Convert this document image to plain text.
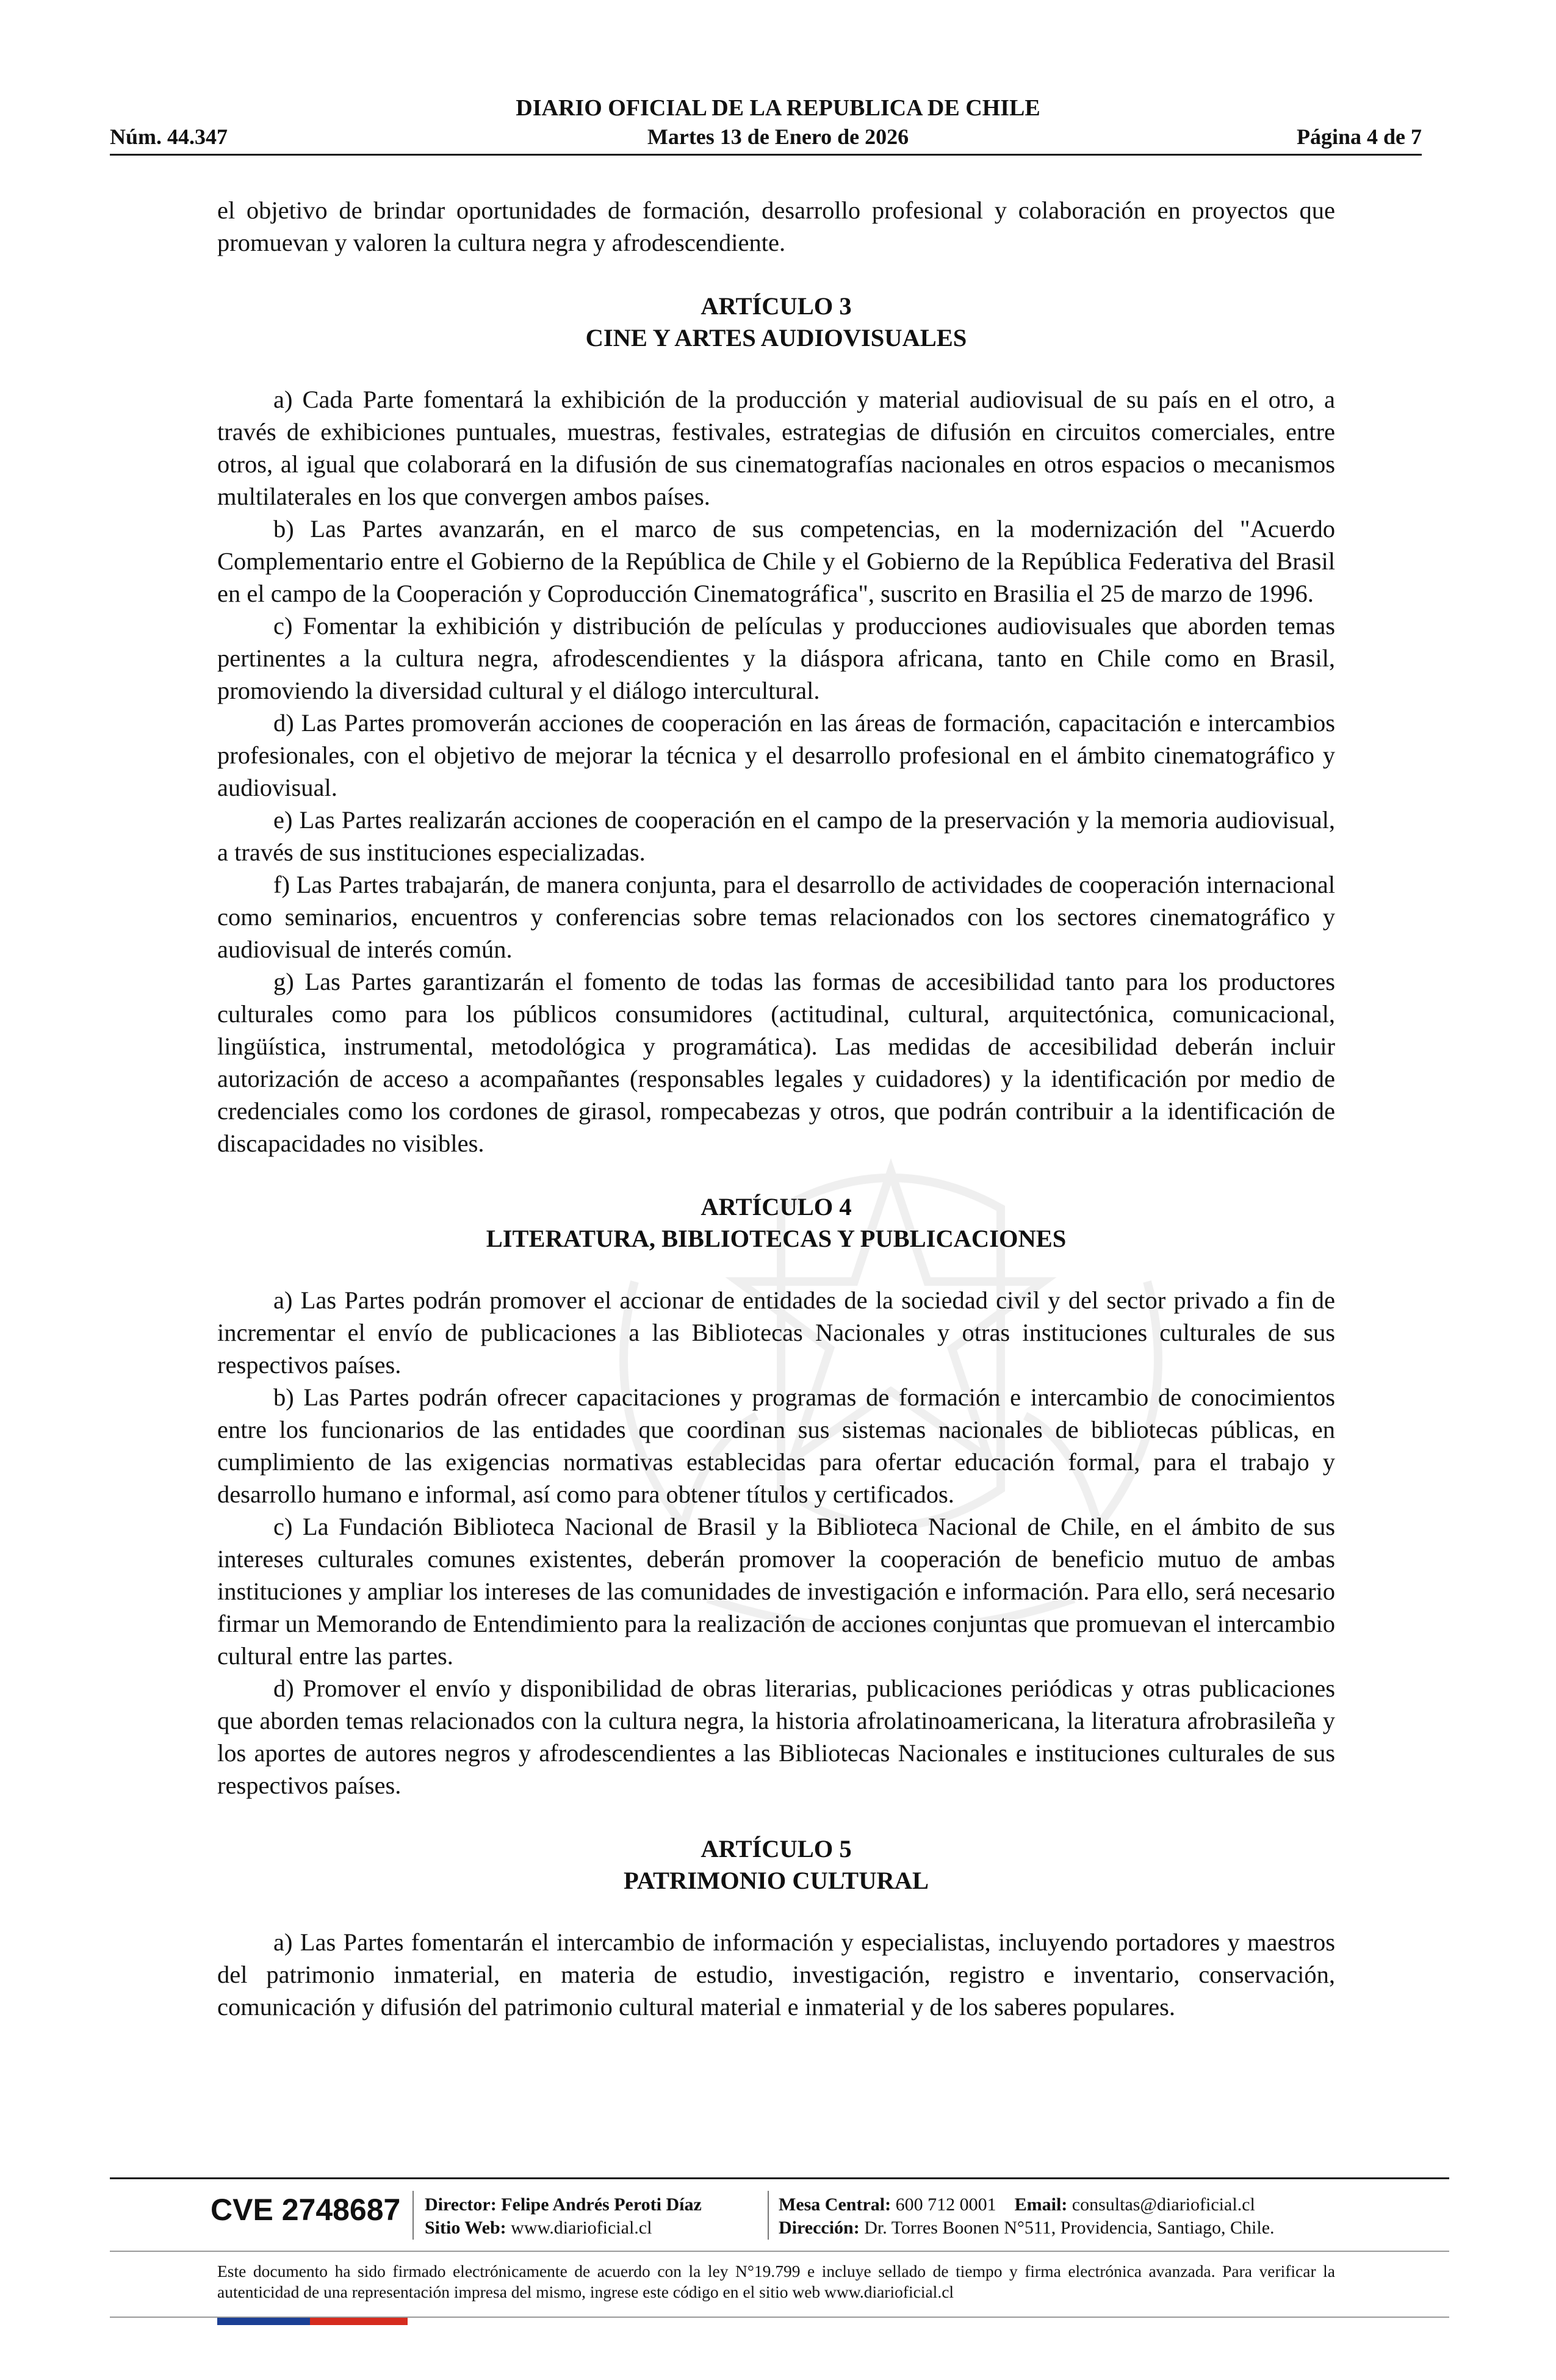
DIARIO OFICIAL DE LA REPUBLICA DE CHILE
Núm. 44.347	Martes 13 de Enero de 2026	Página 4 de 7

el objetivo de brindar oportunidades de formación, desarrollo profesional y colaboración en proyectos que promuevan y valoren la cultura negra y afrodescendiente.

ARTÍCULO 3
CINE Y ARTES AUDIOVISUALES

a) Cada Parte fomentará la exhibición de la producción y material audiovisual de su país en el otro, a través de exhibiciones puntuales, muestras, festivales, estrategias de difusión en circuitos comerciales, entre otros, al igual que colaborará en la difusión de sus cinematografías nacionales en otros espacios o mecanismos multilaterales en los que convergen ambos países.

b) Las Partes avanzarán, en el marco de sus competencias, en la modernización del "Acuerdo Complementario entre el Gobierno de la República de Chile y el Gobierno de la República Federativa del Brasil en el campo de la Cooperación y Coproducción Cinematográfica", suscrito en Brasilia el 25 de marzo de 1996.

c) Fomentar la exhibición y distribución de películas y producciones audiovisuales que aborden temas pertinentes a la cultura negra, afrodescendientes y la diáspora africana, tanto en Chile como en Brasil, promoviendo la diversidad cultural y el diálogo intercultural.

d) Las Partes promoverán acciones de cooperación en las áreas de formación, capacitación e intercambios profesionales, con el objetivo de mejorar la técnica y el desarrollo profesional en el ámbito cinematográfico y audiovisual.

e) Las Partes realizarán acciones de cooperación en el campo de la preservación y la memoria audiovisual, a través de sus instituciones especializadas.

f) Las Partes trabajarán, de manera conjunta, para el desarrollo de actividades de cooperación internacional como seminarios, encuentros y conferencias sobre temas relacionados con los sectores cinematográfico y audiovisual de interés común.

g) Las Partes garantizarán el fomento de todas las formas de accesibilidad tanto para los productores culturales como para los públicos consumidores (actitudinal, cultural, arquitectónica, comunicacional, lingüística, instrumental, metodológica y programática). Las medidas de accesibilidad deberán incluir autorización de acceso a acompañantes (responsables legales y cuidadores) y la identificación por medio de credenciales como los cordones de girasol, rompecabezas y otros, que podrán contribuir a la identificación de discapacidades no visibles.

ARTÍCULO 4
LITERATURA, BIBLIOTECAS Y PUBLICACIONES

a) Las Partes podrán promover el accionar de entidades de la sociedad civil y del sector privado a fin de incrementar el envío de publicaciones a las Bibliotecas Nacionales y otras instituciones culturales de sus respectivos países.

b) Las Partes podrán ofrecer capacitaciones y programas de formación e intercambio de conocimientos entre los funcionarios de las entidades que coordinan sus sistemas nacionales de bibliotecas públicas, en cumplimiento de las exigencias normativas establecidas para ofertar educación formal, para el trabajo y desarrollo humano e informal, así como para obtener títulos y certificados.

c) La Fundación Biblioteca Nacional de Brasil y la Biblioteca Nacional de Chile, en el ámbito de sus intereses culturales comunes existentes, deberán promover la cooperación de beneficio mutuo de ambas instituciones y ampliar los intereses de las comunidades de investigación e información. Para ello, será necesario firmar un Memorando de Entendimiento para la realización de acciones conjuntas que promuevan el intercambio cultural entre las partes.

d) Promover el envío y disponibilidad de obras literarias, publicaciones periódicas y otras publicaciones que aborden temas relacionados con la cultura negra, la historia afrolatinoamericana, la literatura afrobrasileña y los aportes de autores negros y afrodescendientes a las Bibliotecas Nacionales e instituciones culturales de sus respectivos países.

ARTÍCULO 5
PATRIMONIO CULTURAL

a) Las Partes fomentarán el intercambio de información y especialistas, incluyendo portadores y maestros del patrimonio inmaterial, en materia de estudio, investigación, registro e inventario, conservación, comunicación y difusión del patrimonio cultural material e inmaterial y de los saberes populares.

CVE 2748687 Director: Felipe Andrés Peroti Díaz
Sitio Web: www.diarioficial.cl
Mesa Central: 600 712 0001 Email: consultas@diarioficial.cl
Dirección: Dr. Torres Boonen N°511, Providencia, Santiago, Chile.
Este documento ha sido firmado electrónicamente de acuerdo con la ley N°19.799 e incluye sellado de tiempo y firma electrónica avanzada. Para verificar la autenticidad de una representación impresa del mismo, ingrese este código en el sitio web www.diarioficial.cl
